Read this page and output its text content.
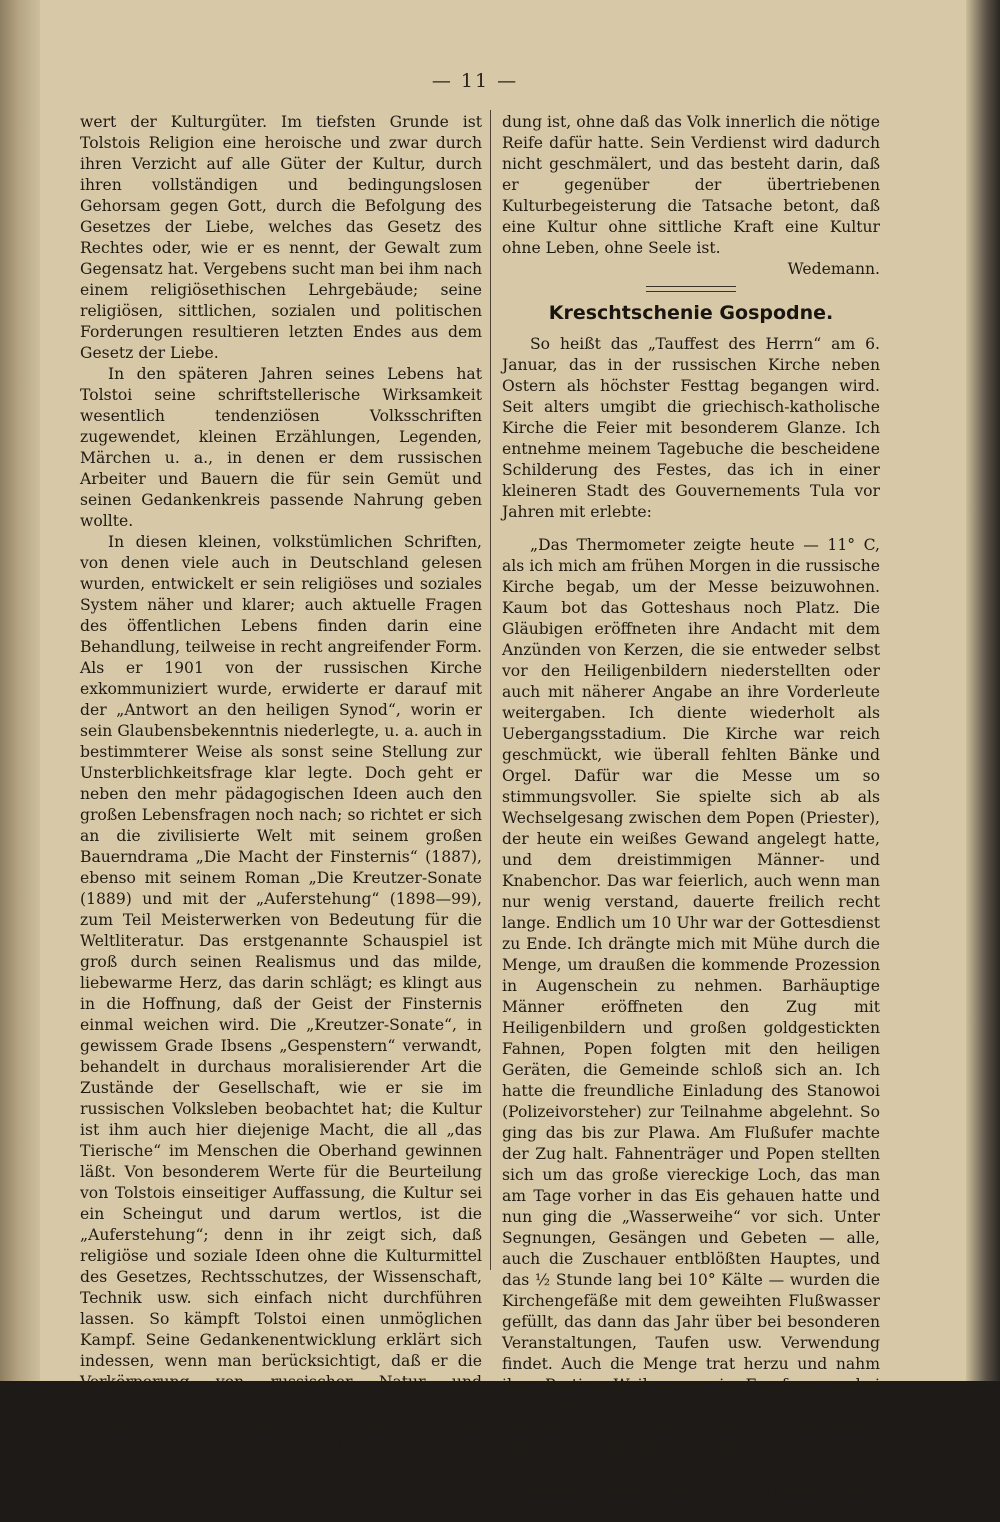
— 11 —

wert der Kulturgüter. Im tiefsten Grunde ist Tolstois Religion eine heroische und zwar durch ihren Verzicht auf alle Güter der Kultur, durch ihren vollständigen und bedingungslosen Gehorsam gegen Gott, durch die Befolgung des Gesetzes der Liebe, welches das Gesetz des Rechtes oder, wie er es nennt, der Gewalt zum Gegensatz hat. Vergebens sucht man bei ihm nach einem religiösethischen Lehrgebäude; seine religiösen, sittlichen, sozialen und politischen Forderungen resultieren letzten Endes aus dem Gesetz der Liebe.

In den späteren Jahren seines Lebens hat Tolstoi seine schriftstellerische Wirksamkeit wesentlich tendenziösen Volksschriften zugewendet, kleinen Erzählungen, Legenden, Märchen u. a., in denen er dem russischen Arbeiter und Bauern die für sein Gemüt und seinen Gedankenkreis passende Nahrung geben wollte.

In diesen kleinen, volkstümlichen Schriften, von denen viele auch in Deutschland gelesen wurden, entwickelt er sein religiöses und soziales System näher und klarer; auch aktuelle Fragen des öffentlichen Lebens finden darin eine Behandlung, teilweise in recht angreifender Form. Als er 1901 von der russischen Kirche exkommuniziert wurde, erwiderte er darauf mit der „Antwort an den heiligen Synod“, worin er sein Glaubensbekenntnis niederlegte, u. a. auch in bestimmterer Weise als sonst seine Stellung zur Unsterblichkeitsfrage klar legte. Doch geht er neben den mehr pädagogischen Ideen auch den großen Lebensfragen noch nach; so richtet er sich an die zivilisierte Welt mit seinem großen Bauerndrama „Die Macht der Finsternis“ (1887), ebenso mit seinem Roman „Die Kreutzer-Sonate (1889) und mit der „Auferstehung“ (1898—99), zum Teil Meisterwerken von Bedeutung für die Weltliteratur. Das erstgenannte Schauspiel ist groß durch seinen Realismus und das milde, liebewarme Herz, das darin schlägt; es klingt aus in die Hoffnung, daß der Geist der Finsternis einmal weichen wird. Die „Kreutzer-Sonate“, in gewissem Grade Ibsens „Gespenstern“ verwandt, behandelt in durchaus moralisierender Art die Zustände der Gesellschaft, wie er sie im russischen Volksleben beobachtet hat; die Kultur ist ihm auch hier diejenige Macht, die all „das Tierische“ im Menschen die Oberhand gewinnen läßt. Von besonderem Werte für die Beurteilung von Tolstois einseitiger Auffassung, die Kultur sei ein Scheingut und darum wertlos, ist die „Auferstehung“; denn in ihr zeigt sich, daß religiöse und soziale Ideen ohne die Kulturmittel des Gesetzes, Rechtsschutzes, der Wissenschaft, Technik usw. sich einfach nicht durchführen lassen. So kämpft Tolstoi einen unmöglichen Kampf. Seine Gedankenentwicklung erklärt sich indessen, wenn man berücksichtigt, daß er die Verkörperung von russischer Natur und russischem Geistesleben ist, und daß die russische Bildung die nur in ihren Formen übernommene westeuropäische Bil-

dung ist, ohne daß das Volk innerlich die nötige Reife dafür hatte. Sein Verdienst wird dadurch nicht geschmälert, und das besteht darin, daß er gegenüber der übertriebenen Kulturbegeisterung die Tatsache betont, daß eine Kultur ohne sittliche Kraft eine Kultur ohne Leben, ohne Seele ist.

Wedemann.

Kreschtschenie Gospodne.

So heißt das „Tauffest des Herrn“ am 6. Januar, das in der russischen Kirche neben Ostern als höchster Festtag begangen wird. Seit alters umgibt die griechisch-katholische Kirche die Feier mit besonderem Glanze. Ich entnehme meinem Tagebuche die bescheidene Schilderung des Festes, das ich in einer kleineren Stadt des Gouvernements Tula vor Jahren mit erlebte:

„Das Thermometer zeigte heute — 11° C, als ich mich am frühen Morgen in die russische Kirche begab, um der Messe beizuwohnen. Kaum bot das Gotteshaus noch Platz. Die Gläubigen eröffneten ihre Andacht mit dem Anzünden von Kerzen, die sie entweder selbst vor den Heiligenbildern niederstellten oder auch mit näherer Angabe an ihre Vorderleute weitergaben. Ich diente wiederholt als Uebergangsstadium. Die Kirche war reich geschmückt, wie überall fehlten Bänke und Orgel. Dafür war die Messe um so stimmungsvoller. Sie spielte sich ab als Wechselgesang zwischen dem Popen (Priester), der heute ein weißes Gewand angelegt hatte, und dem dreistimmigen Männer- und Knabenchor. Das war feierlich, auch wenn man nur wenig verstand, dauerte freilich recht lange. Endlich um 10 Uhr war der Gottesdienst zu Ende. Ich drängte mich mit Mühe durch die Menge, um draußen die kommende Prozession in Augenschein zu nehmen. Barhäuptige Männer eröffneten den Zug mit Heiligenbildern und großen goldgestickten Fahnen, Popen folgten mit den heiligen Geräten, die Gemeinde schloß sich an. Ich hatte die freundliche Einladung des Stanowoi (Polizeivorsteher) zur Teilnahme abgelehnt. So ging das bis zur Plawa. Am Flußufer machte der Zug halt. Fahnenträger und Popen stellten sich um das große viereckige Loch, das man am Tage vorher in das Eis gehauen hatte und nun ging die „Wasserweihe“ vor sich. Unter Segnungen, Gesängen und Gebeten — alle, auch die Zuschauer entblößten Hauptes, und das ½ Stunde lang bei 10° Kälte — wurden die Kirchengefäße mit dem geweihten Flußwasser gefüllt, das dann das Jahr über bei besonderen Veranstaltungen, Taufen usw. Verwendung findet. Auch die Menge trat herzu und nahm ihre Portion Weihwasser in Empfang, wobei der Diakon unaufhörlich sang „Gospodi pomilui“ (Herr erbarme dich). Solches Wasser spielt bei Heilungen, Besprechungen im Familienkreise, innerlich und äußerlich genommen, eine große Rolle. Unsere Köchin hat sich auch
